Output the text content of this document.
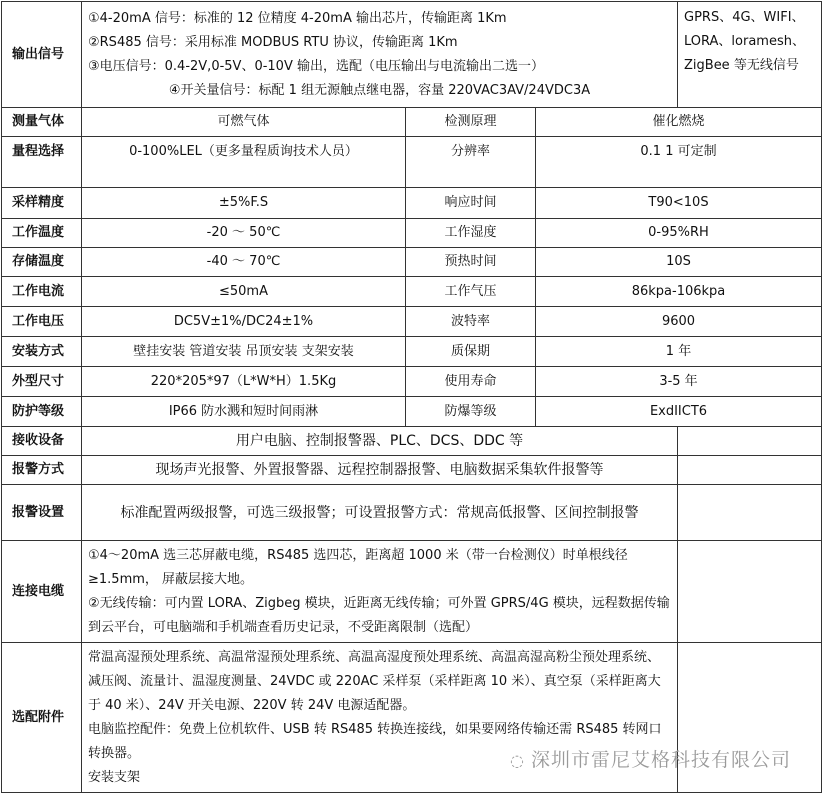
输出信号	①4-20mA 信号：标准的 12 位精度 4-20mA 输出芯片，传输距离 1Km
②RS485 信号：采用标准 MODBUS RTU 协议，传输距离 1Km
③电压信号：0.4-2V,0-5V、0-10V 输出，选配（电压输出与电流输出二选一）
④开关量信号：标配 1 组无源触点继电器，容量 220VAC3AV/24VDC3A			GPRS、4G、WIFI、LORA、loramesh、ZigBee 等无线信号
测量气体	可燃气体	检测原理	催化燃烧	
量程选择	0-100%LEL（更多量程质询技术人员）	分辨率	0.1 1 可定制	
采样精度	±5%F.S	响应时间	T90<10S	
工作温度	-20 ～ 50℃	工作湿度	0-95%RH	
存储温度	-40 ～ 70℃	预热时间	10S	
工作电流	≤50mA	工作气压	86kpa-106kpa	
工作电压	DC5V±1%/DC24±1%	波特率	9600	
安装方式	壁挂安装 管道安装 吊顶安装 支架安装	质保期	1 年	
外型尺寸	220*205*97（L*W*H）1.5Kg	使用寿命	3-5 年	
防护等级	IP66 防水溅和短时间雨淋	防爆等级	ExdIICT6	
接收设备	用户电脑、控制报警器、PLC、DCS、DDC 等			
报警方式	现场声光报警、外置报警器、远程控制器报警、电脑数据采集软件报警等			
报警设置	标准配置两级报警，可选三级报警；可设置报警方式：常规高低报警、区间控制报警			
连接电缆	①4～20mA 选三芯屏蔽电缆，RS485 选四芯，距离超 1000 米（带一台检测仪）时单根线径≥1.5mm， 屏蔽层接大地。
②无线传输：可内置 LORA、Zigbeg 模块，近距离无线传输；可外置 GPRS/4G 模块，远程数据传输到云平台，可电脑端和手机端查看历史记录，不受距离限制（选配）			

选配附件	常温高湿预处理系统、高温常湿预处理系统、高温高湿度预处理系统、高温高湿高粉尘预处理系统、减压阀、流量计、温湿度测量、24VDC 或 220AC 采样泵（采样距离 10 米）、真空泵（采样距离大于 40 米）、24V 开关电源、220V 转 24V 电源适配器。
电脑监控配件：免费上位机软件、USB 转 RS485 转换连接线，如果要网络传输还需 RS485 转网口转换器。
安装支架			

◌ 深圳市雷尼艾格科技有限公司
